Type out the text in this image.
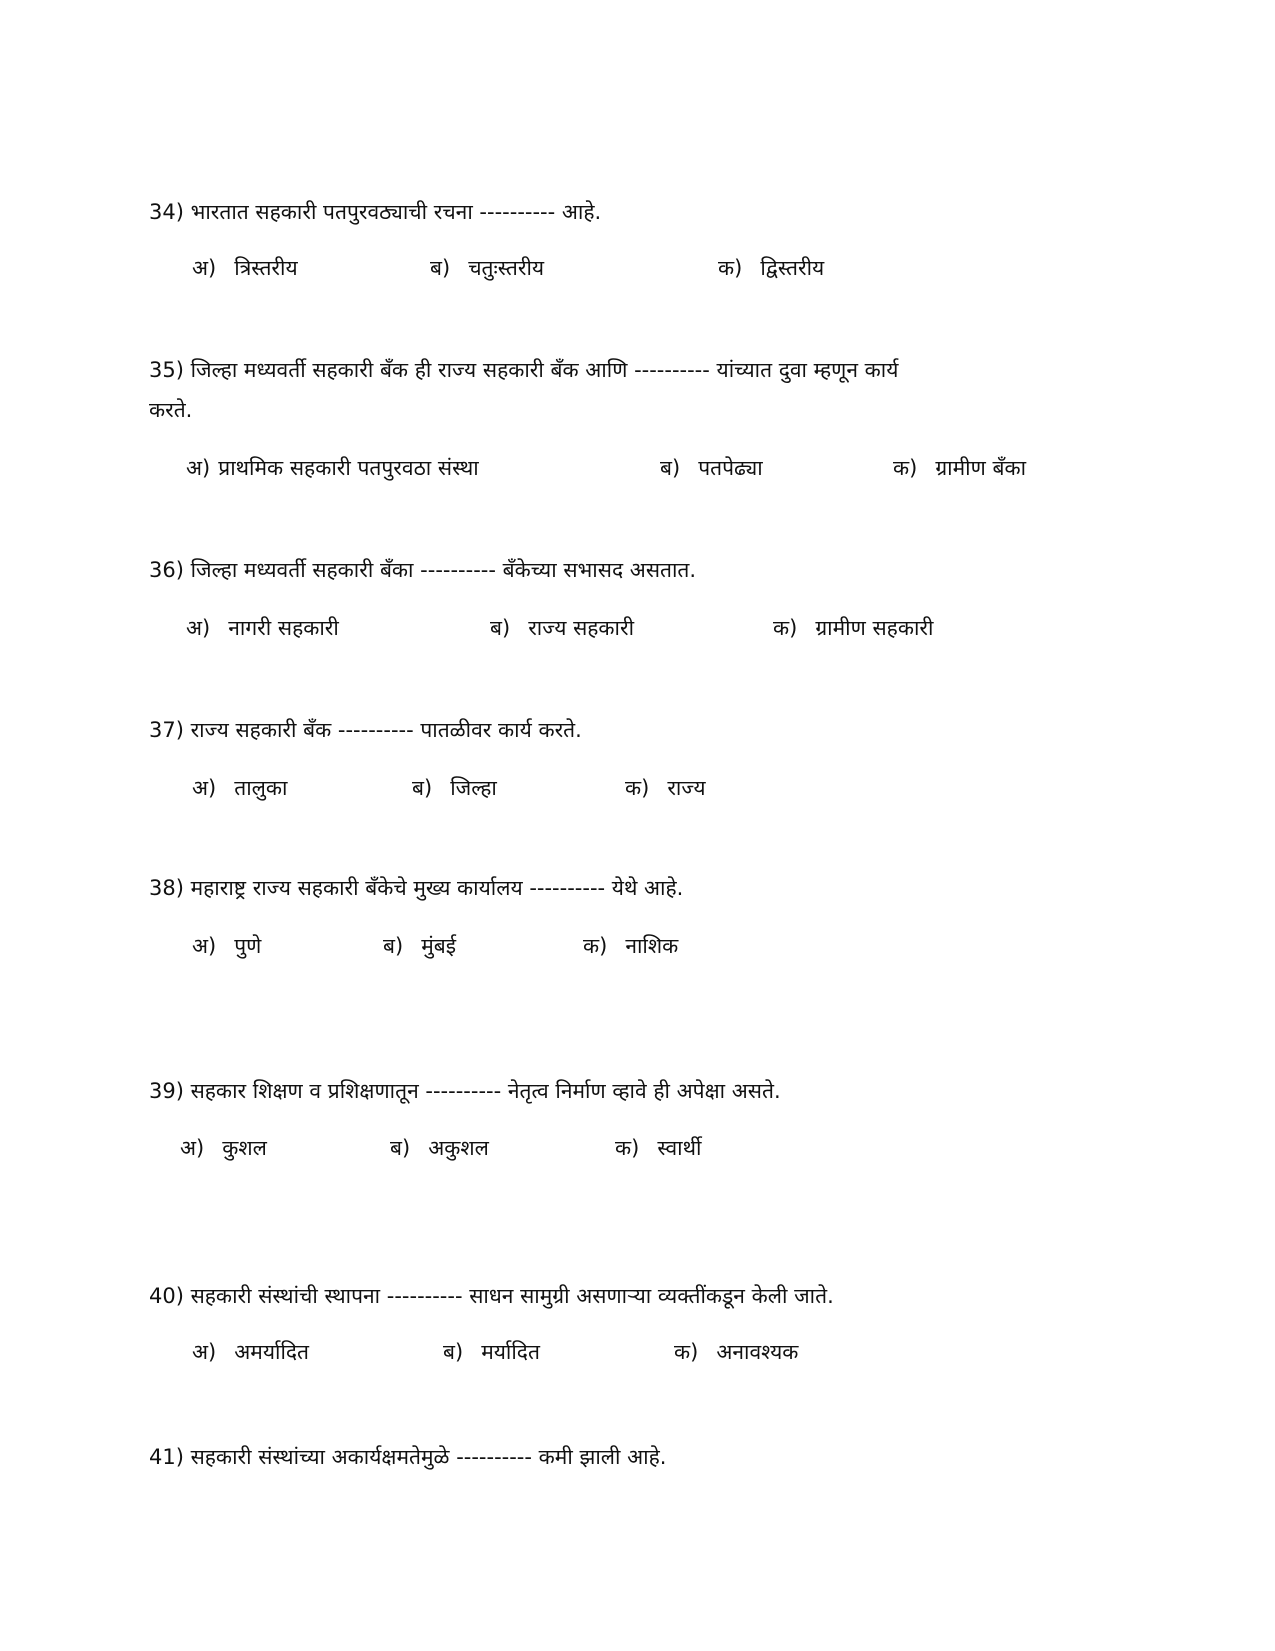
34) भारतात सहकारी पतपुरवठ्याची रचना ---------- आहे.
अ) त्रिस्तरीय	ब) चतुःस्तरीय	क) द्विस्तरीय
35) जिल्हा मध्यवर्ती सहकारी बँक ही राज्य सहकारी बँक आणि ---------- यांच्यात दुवा म्हणून कार्य
करते.
अ) प्राथमिक सहकारी पतपुरवठा संस्था	ब) पतपेढ्या	क) ग्रामीण बँका
36) जिल्हा मध्यवर्ती सहकारी बँका ---------- बँकेच्या सभासद असतात.
अ) नागरी सहकारी	ब) राज्य सहकारी	क) ग्रामीण सहकारी
37) राज्य सहकारी बँक ---------- पातळीवर कार्य करते.
अ) तालुका	ब) जिल्हा	क) राज्य
38) महाराष्ट्र राज्य सहकारी बँकेचे मुख्य कार्यालय ---------- येथे आहे.
अ) पुणे	ब) मुंबई	क) नाशिक
39) सहकार शिक्षण व प्रशिक्षणातून ---------- नेतृत्व निर्माण व्हावे ही अपेक्षा असते.
अ) कुशल	ब) अकुशल	क) स्वार्थी
40) सहकारी संस्थांची स्थापना ---------- साधन सामुग्री असणाऱ्या व्यक्तींकडून केली जाते.
अ) अमर्यादित	ब) मर्यादित	क) अनावश्यक
41) सहकारी संस्थांच्या अकार्यक्षमतेमुळे ---------- कमी झाली आहे.
